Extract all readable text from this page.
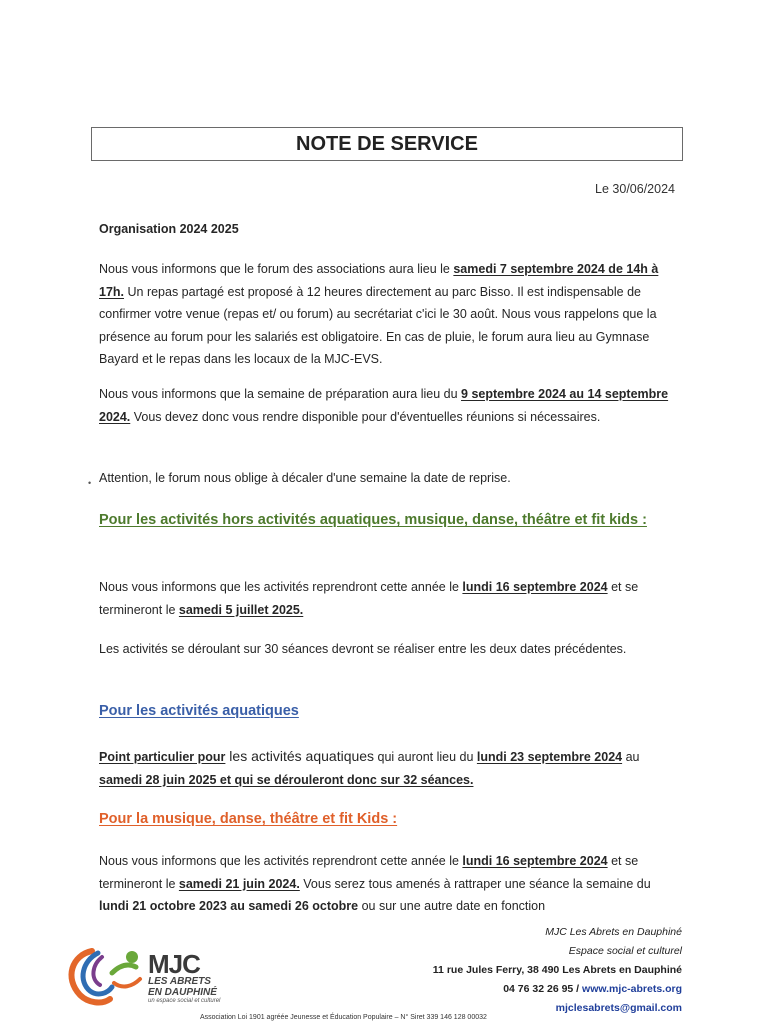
NOTE DE SERVICE
Le 30/06/2024
Organisation 2024 2025
Nous vous informons que le forum des associations aura lieu le samedi 7 septembre 2024 de 14h à 17h. Un repas partagé est proposé à 12 heures directement au parc Bisso. Il est indispensable de confirmer votre venue (repas et/ ou forum) au secrétariat c'ici le 30 août. Nous vous rappelons que la présence au forum pour les salariés est obligatoire. En cas de pluie, le forum aura lieu au Gymnase Bayard et le repas dans les locaux de la MJC-EVS.
Nous vous informons que la semaine de préparation aura lieu du 9 septembre 2024 au 14 septembre 2024. Vous devez donc vous rendre disponible pour d'éventuelles réunions si nécessaires.
• Attention, le forum nous oblige à décaler d'une semaine la date de reprise.
Pour les activités hors activités aquatiques, musique, danse, théâtre et fit kids :
Nous vous informons que les activités reprendront cette année le lundi 16 septembre 2024 et se termineront le samedi 5 juillet 2025.
Les activités se déroulant sur 30 séances devront se réaliser entre les deux dates précédentes.
Pour les activités aquatiques
Point particulier pour les activités aquatiques qui auront lieu du lundi 23 septembre 2024 au samedi 28 juin 2025 et qui se dérouleront donc sur 32 séances.
Pour la musique, danse, théâtre et fit Kids :
Nous vous informons que les activités reprendront cette année le lundi 16 septembre 2024 et se termineront le samedi 21 juin 2024. Vous serez tous amenés à rattraper une séance la semaine du lundi 21 octobre 2023 au samedi 26 octobre ou sur une autre date en fonction
MJC
LES ABRETS
EN DAUPHINÉ
un espace social et culturel
MJC Les Abrets en Dauphiné
Espace social et culturel
11 rue Jules Ferry, 38 490 Les Abrets en Dauphiné
04 76 32 26 95 / www.mjc-abrets.org
mjclesabrets@gmail.com
Association Loi 1901 agréée Jeunesse et Éducation Populaire – N° Siret 339 146 128 00032
